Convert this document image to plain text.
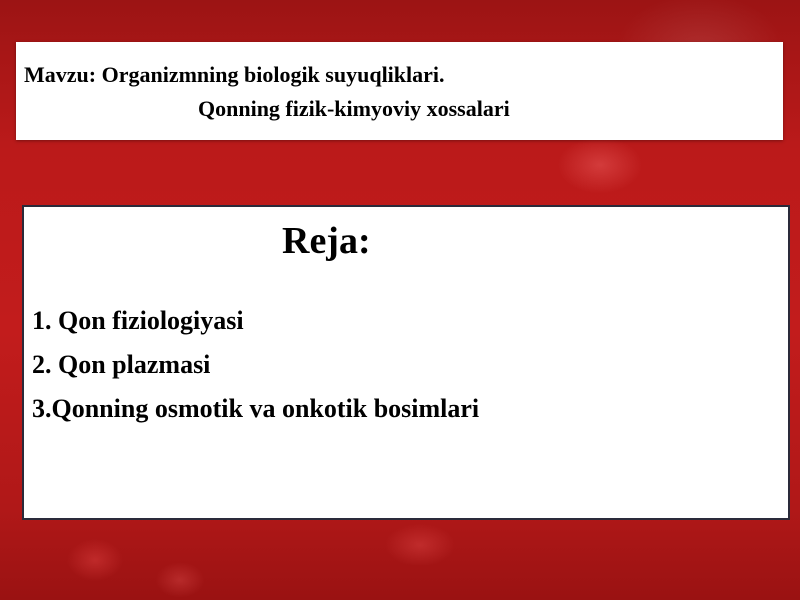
Mavzu: Organizmning biologik suyuqliklari.
Qonning fizik-kimyoviy xossalari
Reja:
1. Qon fiziologiyasi
2. Qon plazmasi
3.Qonning osmotik va onkotik bosimlari
